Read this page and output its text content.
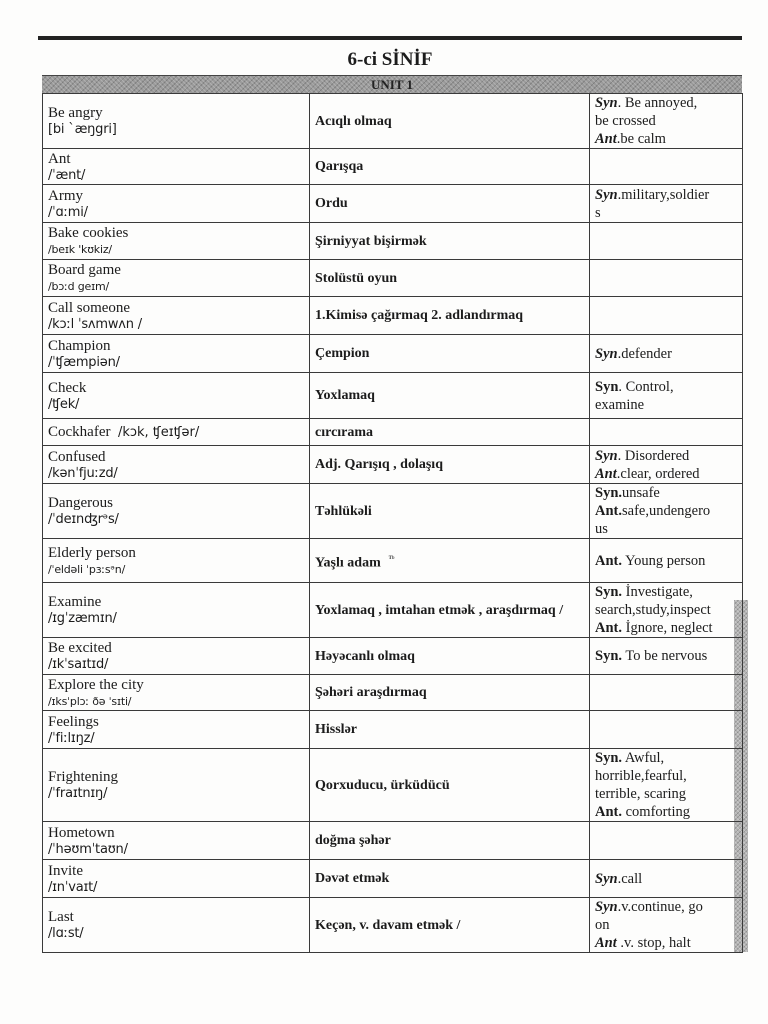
6-ci SİNİF
UNIT 1
Be angry
[bi `æŋgri]	Acıqlı olmaq	Syn. Be annoyed,
be crossed
Ant.be calm

Ant
/ˈænt/	Qarışqa	

Army
/ˈɑːmi/	Ordu	Syn.military,soldier
s

Bake cookies
/beɪk 'kʊkiz/	Şirniyyat bişirmək	

Board game
/bɔːd geɪm/	Stolüstü oyun	

Call someone
/kɔːl ˈsʌmwʌn /	1.Kimisə çağırmaq 2. adlandırmaq	

Champion
/ˈʧæmpiən/	Çempion	Syn.defender

Check
/ʧek/	Yoxlamaq	Syn. Control,
examine

Cockhafer /kɔk, ʧeɪʧər/	cırcırama	

Confused
/kənˈfjuːzd/	Adj. Qarışıq , dolaşıq	Syn. Disordered
Ant.clear, ordered

Dangerous
/ˈdeɪnʤrᵊs/	Təhlükəli	Syn.unsafe
Ant.safe,undengero
us

Elderly person
/ˈeldəli ˈpɜːsᵊn/	Yaşlı adam $^{ᵀᵇ}$	Ant. Young person

Examine
/ɪgˈzæmɪn/	Yoxlamaq , imtahan etmək , araşdırmaq /	Syn. İnvestigate,
search,study,inspect
Ant. İgnore, neglect

Be excited
/ɪkˈsaɪtɪd/	Həyəcanlı olmaq	Syn. To be nervous

Explore the city
/ɪksˈplɔː ðə ˈsɪti/	Şəhəri araşdırmaq	

Feelings
/ˈfiːlɪŋz/	Hisslər	

Frightening
/ˈfraɪtnɪŋ/	Qorxuducu, ürküdücü	Syn. Awful,
horrible,fearful,
terrible, scaring
Ant. comforting

Hometown
/ˈhəʊmˈtaʊn/	doğma şəhər	

Invite
/ɪnˈvaɪt/	Dəvət etmək	Syn.call

Last
/lɑːst/	Keçən, v. davam etmək /	Syn.v.continue, go
on
Ant .v. stop, halt
